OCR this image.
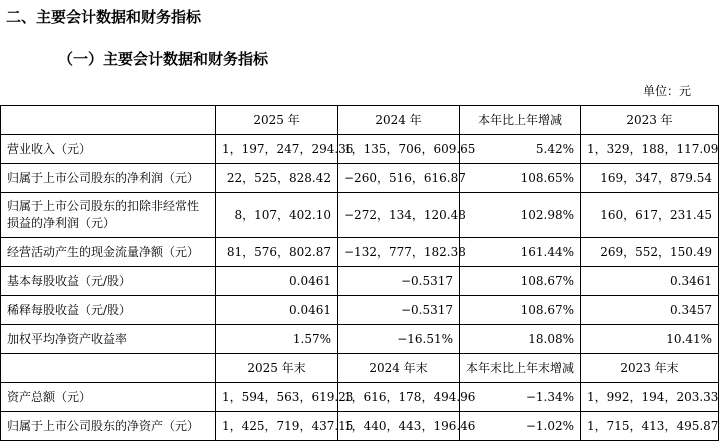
二、主要会计数据和财务指标
（一）主要会计数据和财务指标
单位：元
	2025 年	2024 年	本年比上年增减	2023 年
营业收入（元）	1，197，247，294.36	1，135，706，609.65	5.42%	1，329，188，117.09
归属于上市公司股东的净利润（元）	22，525，828.42	−260，516，616.87	108.65%	169，347，879.54
归属于上市公司股东的扣除非经常性损益的净利润（元）	8，107，402.10	−272，134，120.48	102.98%	160，617，231.45
经营活动产生的现金流量净额（元）	81，576，802.87	−132，777，182.38	161.44%	269，552，150.49
基本每股收益（元/股）	0.0461	−0.5317	108.67%	0.3461
稀释每股收益（元/股）	0.0461	−0.5317	108.67%	0.3457
加权平均净资产收益率	1.57%	−16.51%	18.08%	10.41%
	2025 年末	2024 年末	本年末比上年末增减	2023 年末
资产总额（元）	1，594，563，619.23	1，616，178，494.96	−1.34%	1，992，194，203.33
归属于上市公司股东的净资产（元）	1，425，719，437.15	1，440，443，196.46	−1.02%	1，715，413，495.87
